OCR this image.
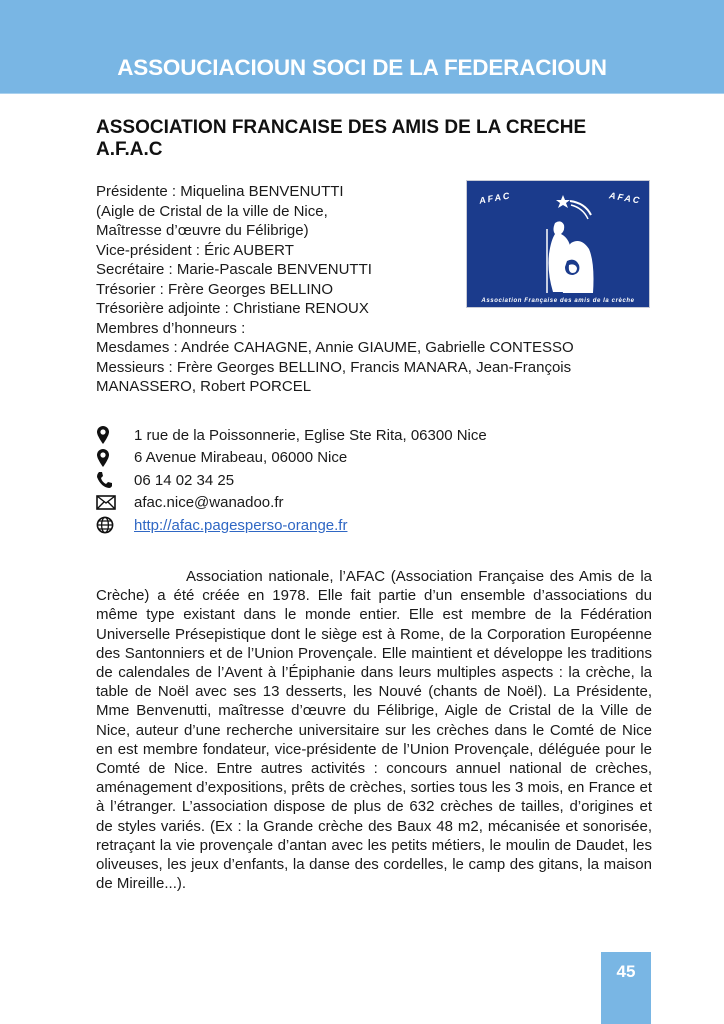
ASSOUCIACIOUN SOCI DE LA FEDERACIOUN
ASSOCIATION FRANCAISE DES AMIS DE LA CRECHE
A.F.A.C
Présidente : Miquelina BENVENUTTI
(Aigle de Cristal de la ville de Nice,
Maîtresse d’œuvre du Félibrige)
Vice-président : Éric AUBERT
Secrétaire : Marie-Pascale BENVENUTTI
Trésorier : Frère Georges BELLINO
Trésorière adjointe : Christiane RENOUX
Membres d’honneurs :
Mesdames : Andrée CAHAGNE, Annie GIAUME, Gabrielle CONTESSO
Messieurs : Frère Georges BELLINO, Francis MANARA, Jean-François
MANASSERO, Robert PORCEL
AFAC	AFAC
Association Française des amis de la crèche
1 rue de la Poissonnerie, Eglise Ste Rita, 06300 Nice
6 Avenue Mirabeau, 06000 Nice
06 14 02 34 25
afac.nice@wanadoo.fr
http://afac.pagesperso-orange.fr
Association nationale, l’AFAC (Association Française des Amis de la Crèche) a été créée en 1978. Elle fait partie d’un ensemble d’associations du même type existant dans le monde entier. Elle est membre de la Fédération Universelle Présepistique dont le siège est à Rome, de la Corporation Européenne des Santonniers et de l’Union Provençale. Elle maintient et développe les traditions de calendales de l’Avent à l’Épiphanie dans leurs multiples aspects : la crèche, la table de Noël avec ses 13 desserts, les Nouvé (chants de Noël). La Présidente, Mme Benvenutti, maîtresse d’œuvre du Félibrige, Aigle de Cristal de la Ville de Nice, auteur d’une recherche universitaire sur les crèches dans le Comté de Nice en est membre fondateur, vice-présidente de l’Union Provençale, déléguée pour le Comté de Nice. Entre autres activités : concours annuel national de crèches, aménagement d’expositions, prêts de crèches, sorties tous les 3 mois, en France et à l’étranger. L’association dispose de plus de 632 crèches de tailles, d’origines et de styles variés. (Ex : la Grande crèche des Baux 48 m2, mécanisée et sonorisée, retraçant la vie provençale d’antan avec les petits métiers, le moulin de Daudet, les oliveuses, les jeux d’enfants, la danse des cordelles, le camp des gitans, la maison de Mireille...).
45
